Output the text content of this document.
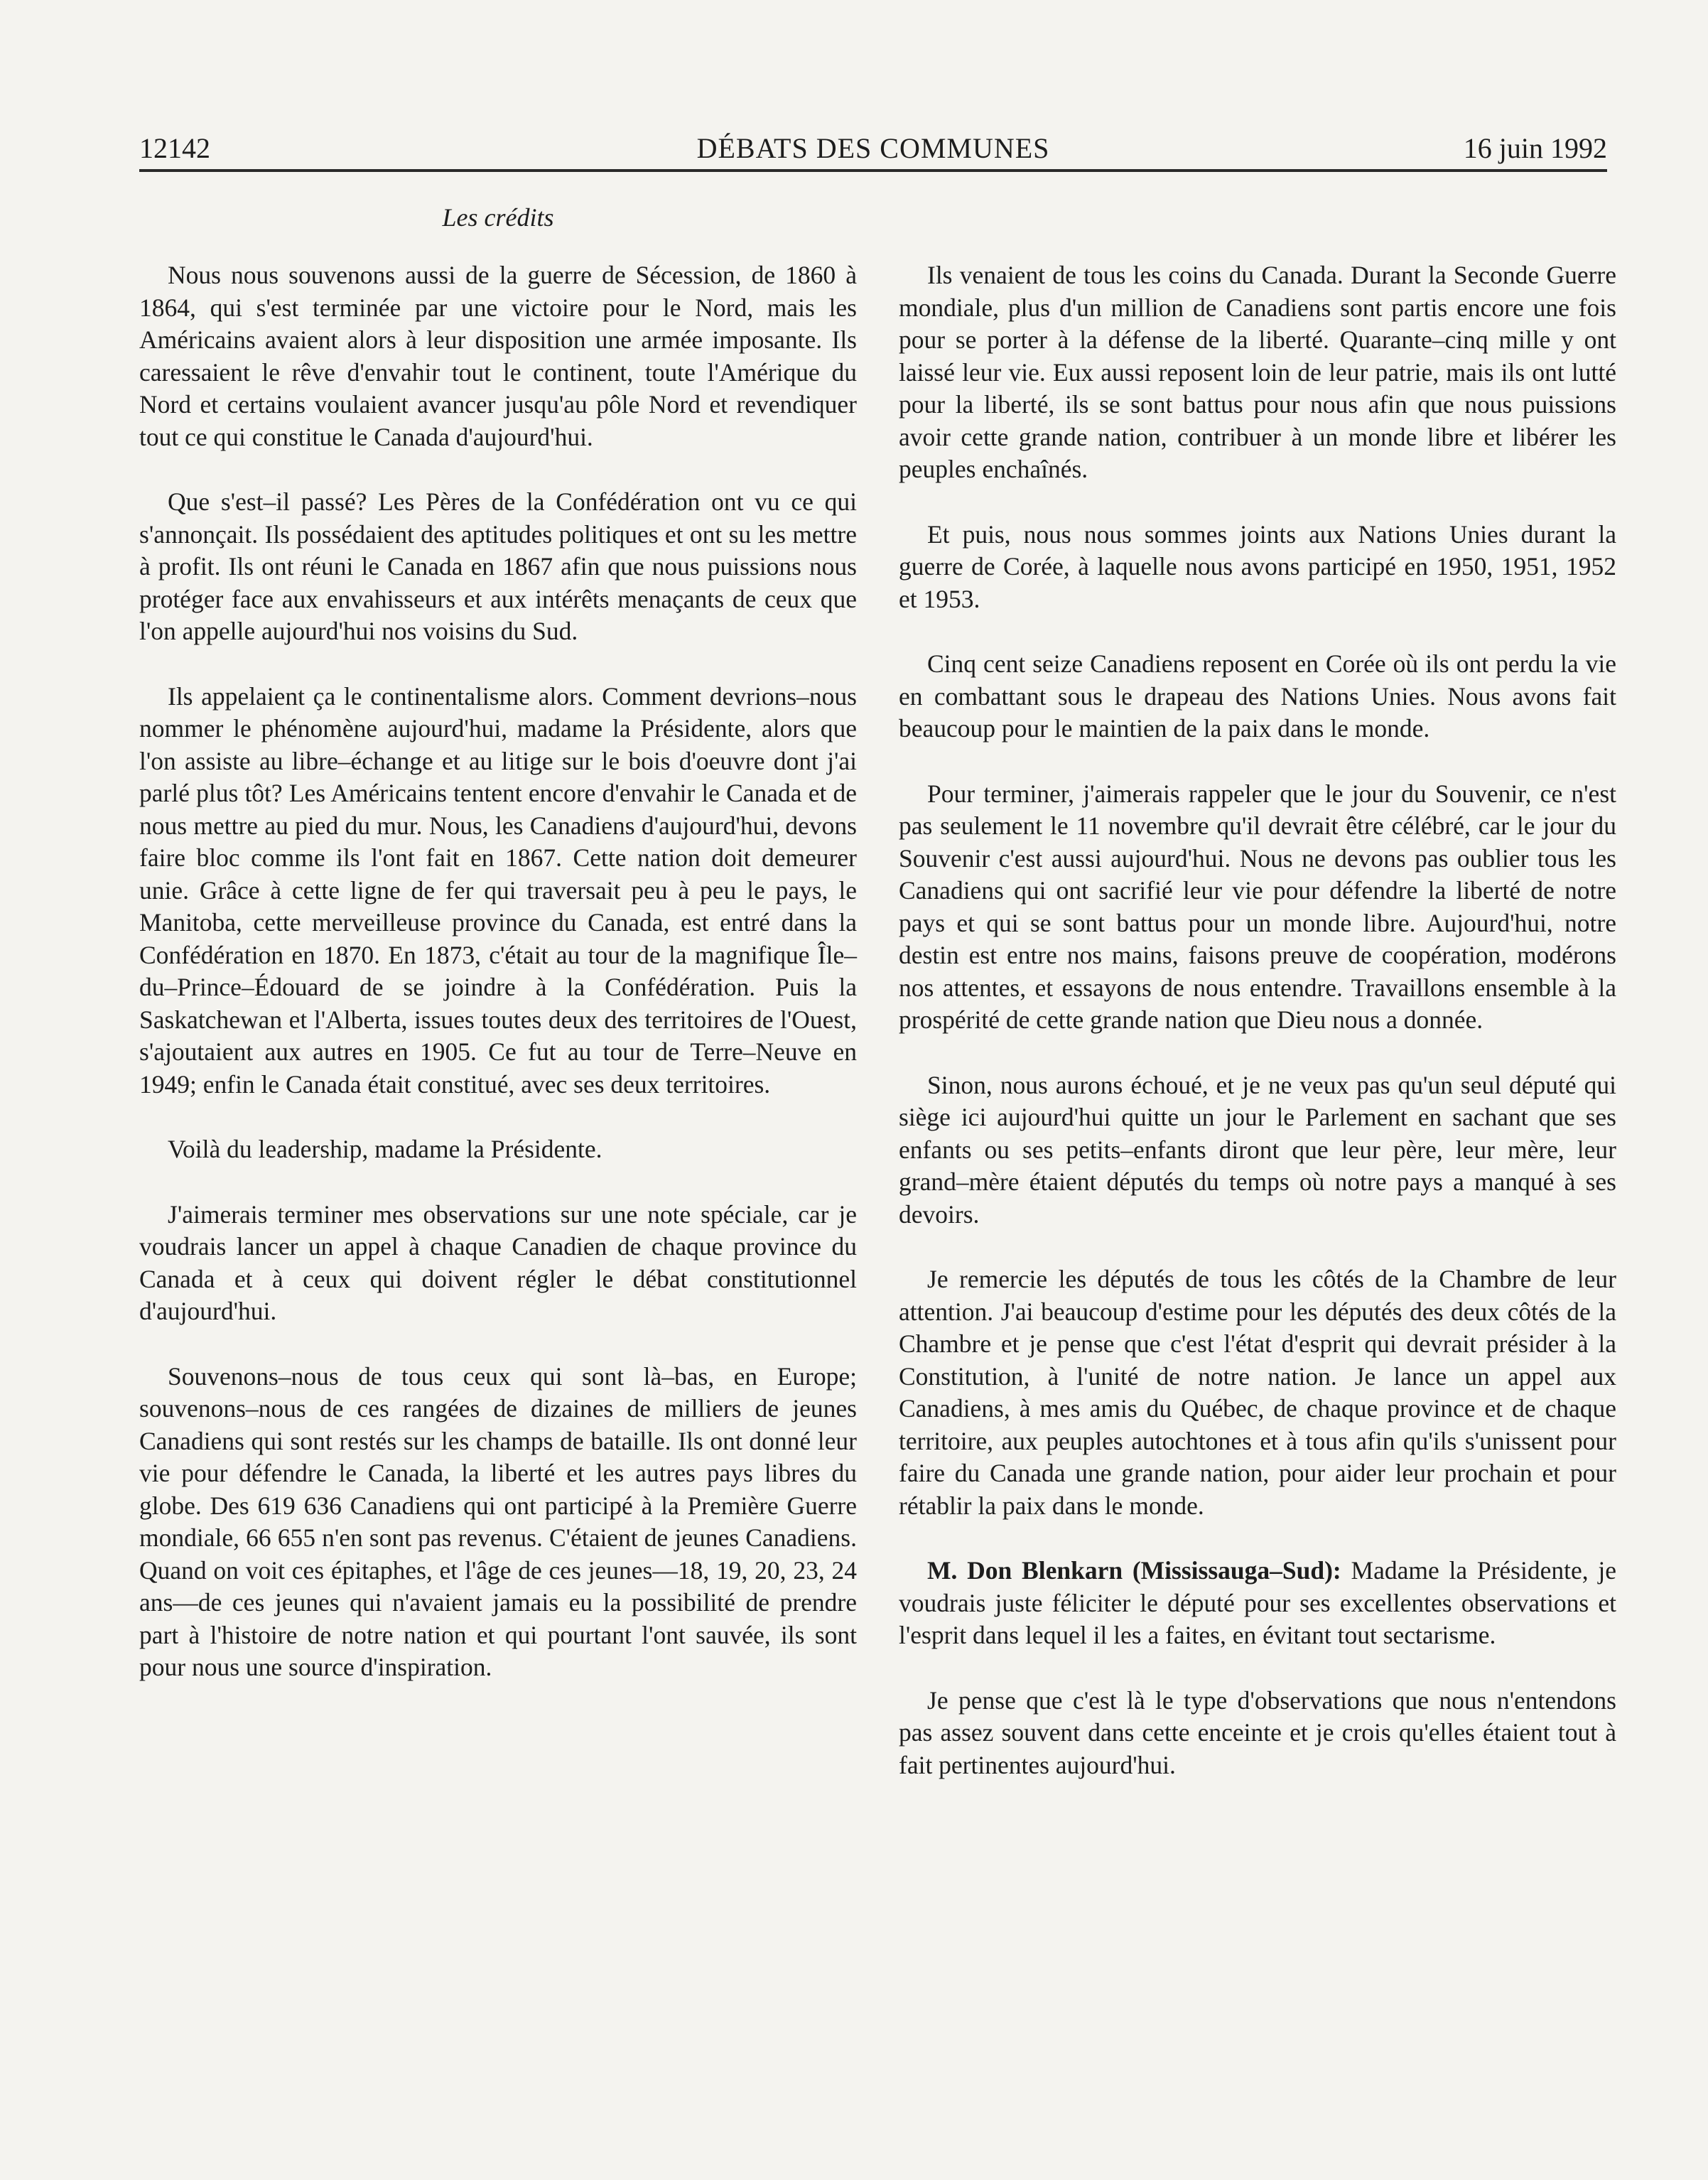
12142	DÉBATS DES COMMUNES	16 juin 1992
Les crédits

Nous nous souvenons aussi de la guerre de Sécession, de 1860 à 1864, qui s'est terminée par une victoire pour le Nord, mais les Américains avaient alors à leur disposition une armée imposante. Ils caressaient le rêve d'envahir tout le continent, toute l'Amérique du Nord et certains voulaient avancer jusqu'au pôle Nord et revendiquer tout ce qui constitue le Canada d'aujourd'hui.

Que s'est–il passé? Les Pères de la Confédération ont vu ce qui s'annonçait. Ils possédaient des aptitudes politiques et ont su les mettre à profit. Ils ont réuni le Canada en 1867 afin que nous puissions nous protéger face aux envahisseurs et aux intérêts menaçants de ceux que l'on appelle aujourd'hui nos voisins du Sud.

Ils appelaient ça le continentalisme alors. Comment devrions–nous nommer le phénomène aujourd'hui, madame la Présidente, alors que l'on assiste au libre–échange et au litige sur le bois d'oeuvre dont j'ai parlé plus tôt? Les Américains tentent encore d'envahir le Canada et de nous mettre au pied du mur. Nous, les Canadiens d'aujourd'hui, devons faire bloc comme ils l'ont fait en 1867. Cette nation doit demeurer unie. Grâce à cette ligne de fer qui traversait peu à peu le pays, le Manitoba, cette merveilleuse province du Canada, est entré dans la Confédération en 1870. En 1873, c'était au tour de la magnifique Île–du–Prince–Édouard de se joindre à la Confédération. Puis la Saskatchewan et l'Alberta, issues toutes deux des territoires de l'Ouest, s'ajoutaient aux autres en 1905. Ce fut au tour de Terre–Neuve en 1949; enfin le Canada était constitué, avec ses deux territoires.

Voilà du leadership, madame la Présidente.

J'aimerais terminer mes observations sur une note spéciale, car je voudrais lancer un appel à chaque Canadien de chaque province du Canada et à ceux qui doivent régler le débat constitutionnel d'aujourd'hui.

Souvenons–nous de tous ceux qui sont là–bas, en Europe; souvenons–nous de ces rangées de dizaines de milliers de jeunes Canadiens qui sont restés sur les champs de bataille. Ils ont donné leur vie pour défendre le Canada, la liberté et les autres pays libres du globe. Des 619 636 Canadiens qui ont participé à la Première Guerre mondiale, 66 655 n'en sont pas revenus. C'étaient de jeunes Canadiens. Quand on voit ces épitaphes, et l'âge de ces jeunes—18, 19, 20, 23, 24 ans—de ces jeunes qui n'avaient jamais eu la possibilité de prendre part à l'histoire de notre nation et qui pourtant l'ont sauvée, ils sont pour nous une source d'inspiration.

Ils venaient de tous les coins du Canada. Durant la Seconde Guerre mondiale, plus d'un million de Canadiens sont partis encore une fois pour se porter à la défense de la liberté. Quarante–cinq mille y ont laissé leur vie. Eux aussi reposent loin de leur patrie, mais ils ont lutté pour la liberté, ils se sont battus pour nous afin que nous puissions avoir cette grande nation, contribuer à un monde libre et libérer les peuples enchaînés.

Et puis, nous nous sommes joints aux Nations Unies durant la guerre de Corée, à laquelle nous avons participé en 1950, 1951, 1952 et 1953.

Cinq cent seize Canadiens reposent en Corée où ils ont perdu la vie en combattant sous le drapeau des Nations Unies. Nous avons fait beaucoup pour le maintien de la paix dans le monde.

Pour terminer, j'aimerais rappeler que le jour du Souvenir, ce n'est pas seulement le 11 novembre qu'il devrait être célébré, car le jour du Souvenir c'est aussi aujourd'hui. Nous ne devons pas oublier tous les Canadiens qui ont sacrifié leur vie pour défendre la liberté de notre pays et qui se sont battus pour un monde libre. Aujourd'hui, notre destin est entre nos mains, faisons preuve de coopération, modérons nos attentes, et essayons de nous entendre. Travaillons ensemble à la prospérité de cette grande nation que Dieu nous a donnée.

Sinon, nous aurons échoué, et je ne veux pas qu'un seul député qui siège ici aujourd'hui quitte un jour le Parlement en sachant que ses enfants ou ses petits–enfants diront que leur père, leur mère, leur grand–mère étaient députés du temps où notre pays a manqué à ses devoirs.

Je remercie les députés de tous les côtés de la Chambre de leur attention. J'ai beaucoup d'estime pour les députés des deux côtés de la Chambre et je pense que c'est l'état d'esprit qui devrait présider à la Constitution, à l'unité de notre nation. Je lance un appel aux Canadiens, à mes amis du Québec, de chaque province et de chaque territoire, aux peuples autochtones et à tous afin qu'ils s'unissent pour faire du Canada une grande nation, pour aider leur prochain et pour rétablir la paix dans le monde.

M. Don Blenkarn (Mississauga–Sud): Madame la Présidente, je voudrais juste féliciter le député pour ses excellentes observations et l'esprit dans lequel il les a faites, en évitant tout sectarisme.

Je pense que c'est là le type d'observations que nous n'entendons pas assez souvent dans cette enceinte et je crois qu'elles étaient tout à fait pertinentes aujourd'hui.
